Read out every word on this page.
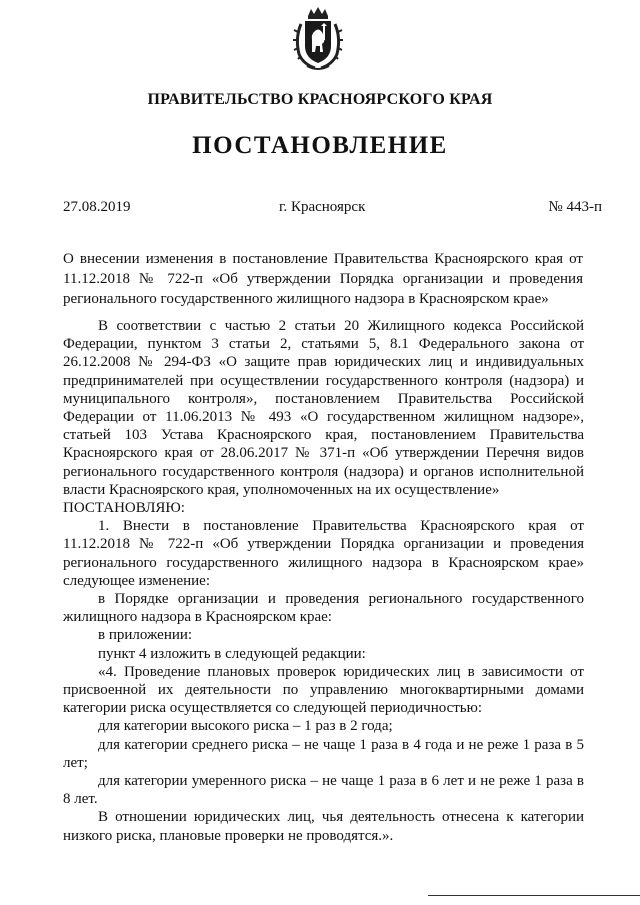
ПРАВИТЕЛЬСТВО КРАСНОЯРСКОГО КРАЯ
ПОСТАНОВЛЕНИЕ
27.08.2019	г. Красноярск	№ 443-п
О внесении изменения в постановление Правительства Красноярского края от 11.12.2018 № 722-п «Об утверждении Порядка организации и проведения регионального государственного жилищного надзора в Красноярском крае»

В соответствии с частью 2 статьи 20 Жилищного кодекса Российской Федерации, пунктом 3 статьи 2, статьями 5, 8.1 Федерального закона от 26.12.2008 № 294-ФЗ «О защите прав юридических лиц и индивидуальных предпринимателей при осуществлении государственного контроля (надзора) и муниципального контроля», постановлением Правительства Российской Федерации от 11.06.2013 № 493 «О государственном жилищном надзоре», статьей 103 Устава Красноярского края, постановлением Правительства Красноярского края от 28.06.2017 № 371-п «Об утверждении Перечня видов регионального государственного контроля (надзора) и органов исполнительной власти Красноярского края, уполномоченных на их осуществление»

ПОСТАНОВЛЯЮ:

1. Внести в постановление Правительства Красноярского края от 11.12.2018 № 722-п «Об утверждении Порядка организации и проведения регионального государственного жилищного надзора в Красноярском крае» следующее изменение:

в Порядке организации и проведения регионального государственного жилищного надзора в Красноярском крае:

в приложении:

пункт 4 изложить в следующей редакции:

«4. Проведение плановых проверок юридических лиц в зависимости от присвоенной их деятельности по управлению многоквартирными домами категории риска осуществляется со следующей периодичностью:

для категории высокого риска – 1 раз в 2 года;

для категории среднего риска – не чаще 1 раза в 4 года и не реже 1 раза в 5 лет;

для категории умеренного риска – не чаще 1 раза в 6 лет и не реже 1 раза в 8 лет.

В отношении юридических лиц, чья деятельность отнесена к категории низкого риска, плановые проверки не проводятся.».
